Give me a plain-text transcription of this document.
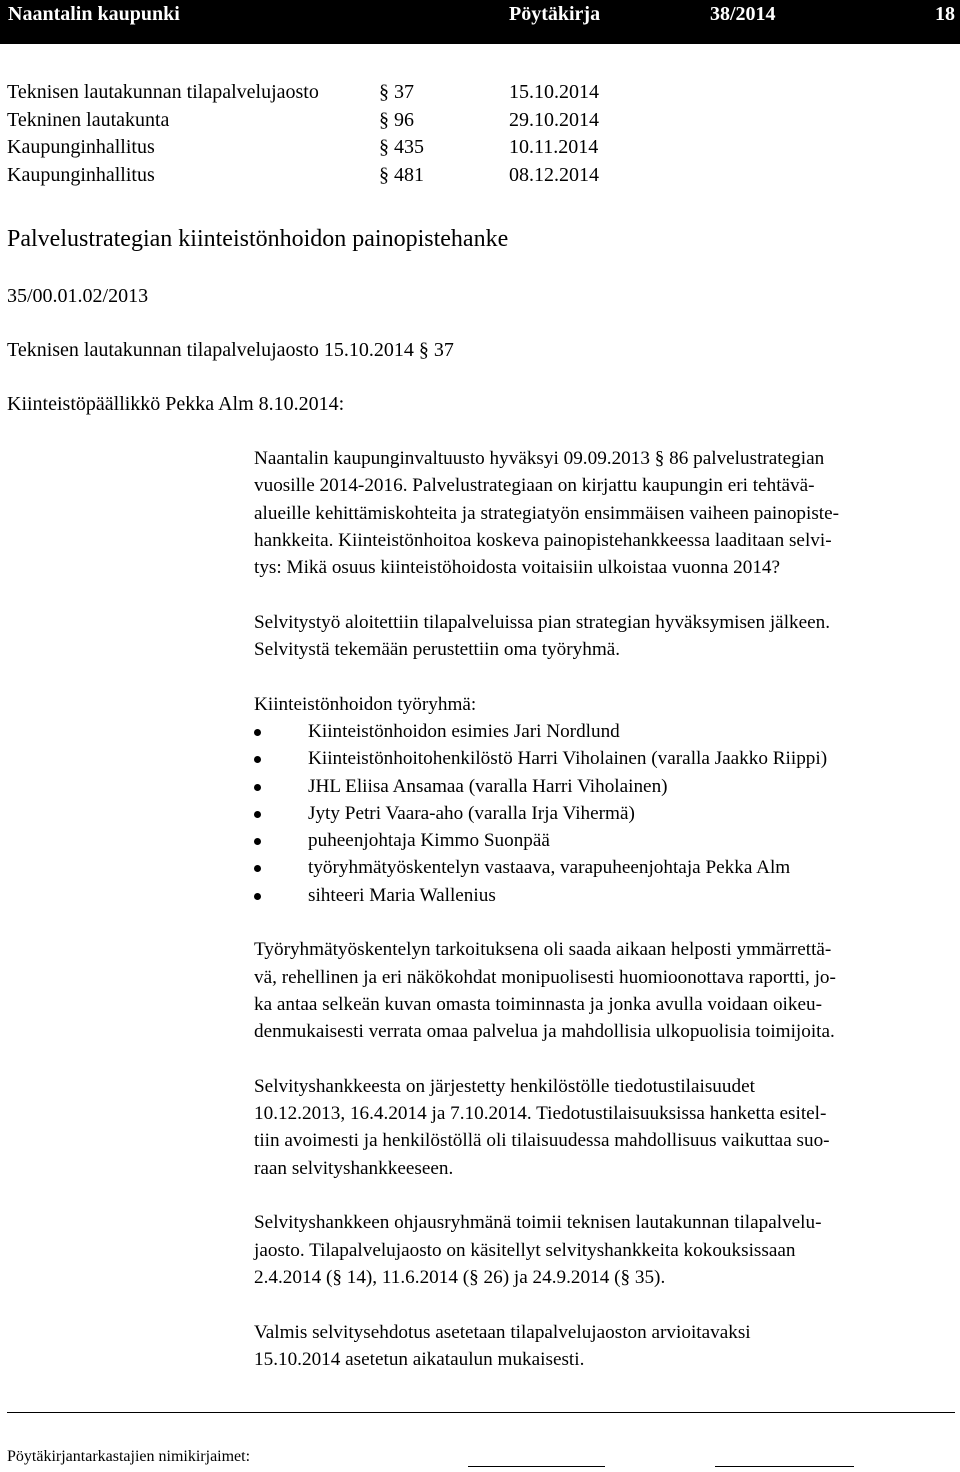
Naantalin kaupunki	Pöytäkirja	38/2014	18
Teknisen lautakunnan tilapalvelujaosto	§ 37	15.10.2014
Tekninen lautakunta	§ 96	29.10.2014
Kaupunginhallitus	§ 435	10.11.2014
Kaupunginhallitus	§ 481	08.12.2014
Palvelustrategian kiinteistönhoidon painopistehanke
35/00.01.02/2013
Teknisen lautakunnan tilapalvelujaosto 15.10.2014 § 37
Kiinteistöpäällikkö Pekka Alm 8.10.2014:

Naantalin kaupunginvaltuusto hyväksyi 09.09.2013 § 86 palvelustrategian

vuosille 2014-2016. Palvelustrategiaan on kirjattu kaupungin eri tehtävä-

alueille kehittämiskohteita ja strategiatyön ensimmäisen vaiheen painopiste-

hankkeita. Kiinteistönhoitoa koskeva painopistehankkeessa laaditaan selvi-

tys: Mikä osuus kiinteistöhoidosta voitaisiin ulkoistaa vuonna 2014?

Selvitystyö aloitettiin tilapalveluissa pian strategian hyväksymisen jälkeen.

Selvitystä tekemään perustettiin oma työryhmä.

Kiinteistönhoidon työryhmä:

Kiinteistönhoidon esimies Jari Nordlund
Kiinteistönhoitohenkilöstö Harri Viholainen (varalla Jaakko Riippi)
JHL Eliisa Ansamaa (varalla Harri Viholainen)
Jyty Petri Vaara-aho (varalla Irja Vihermä)
puheenjohtaja Kimmo Suonpää
työryhmätyöskentelyn vastaava, varapuheenjohtaja Pekka Alm
sihteeri Maria Wallenius

Työryhmätyöskentelyn tarkoituksena oli saada aikaan helposti ymmärrettä-

vä, rehellinen ja eri näkökohdat monipuolisesti huomioonottava raportti, jo-

ka antaa selkeän kuvan omasta toiminnasta ja jonka avulla voidaan oikeu-

denmukaisesti verrata omaa palvelua ja mahdollisia ulkopuolisia toimijoita.

Selvityshankkeesta on järjestetty henkilöstölle tiedotustilaisuudet

10.12.2013, 16.4.2014 ja 7.10.2014. Tiedotustilaisuuksissa hanketta esitel-

tiin avoimesti ja henkilöstöllä oli tilaisuudessa mahdollisuus vaikuttaa suo-

raan selvityshankkeeseen.

Selvityshankkeen ohjausryhmänä toimii teknisen lautakunnan tilapalvelu-

jaosto. Tilapalvelujaosto on käsitellyt selvityshankkeita kokouksissaan

2.4.2014 (§ 14), 11.6.2014 (§ 26) ja 24.9.2014 (§ 35).

Valmis selvitysehdotus asetetaan tilapalvelujaoston arvioitavaksi

15.10.2014 asetetun aikataulun mukaisesti.

Pöytäkirjantarkastajien nimikirjaimet:
